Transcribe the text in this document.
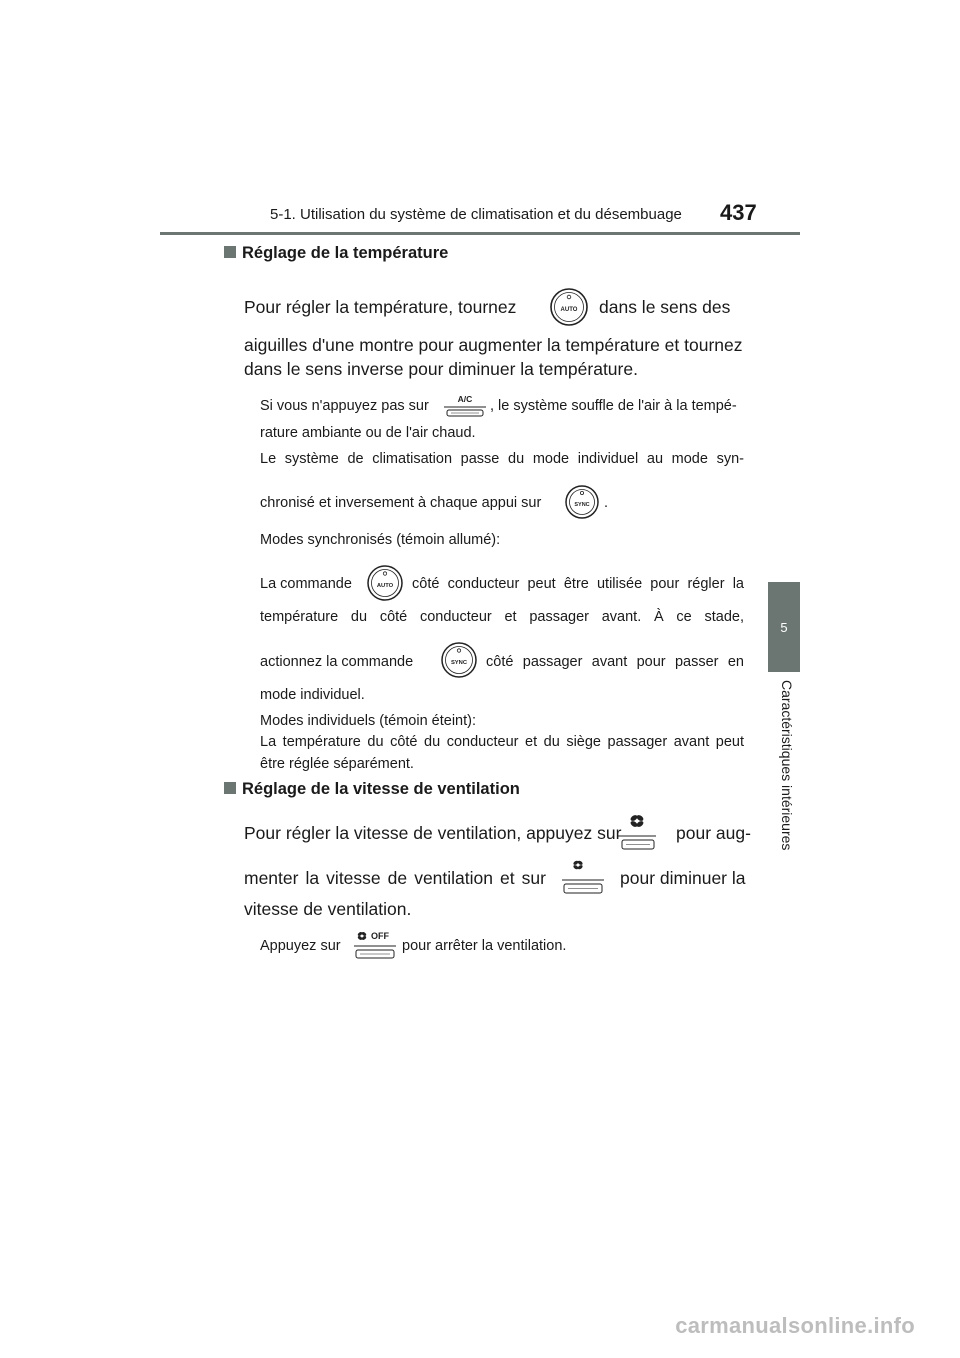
5-1. Utilisation du système de climatisation et du désembuage 437
5
Caractéristiques intérieures
Réglage de la température
Pour régler la température, tournez	AUTO dans le sens des
aiguilles d'une montre pour augmenter la température et tournez
dans le sens inverse pour diminuer la température.
Si vous n'appuyez pas sur	A/C , le système souffle de l'air à la tempé-
rature ambiante ou de l'air chaud.
Le système de climatisation passe du mode individuel au mode syn-
chronisé et inversement à chaque appui sur	SYNC .
Modes synchronisés (témoin allumé):
La commande	AUTO côté conducteur peut être utilisée pour régler la
température du côté conducteur et passager avant. À ce stade,
actionnez la commande	SYNC côté passager avant pour passer en
mode individuel.
Modes individuels (témoin éteint):
La température du côté du conducteur et du siège passager avant peut
être réglée séparément.
Réglage de la vitesse de ventilation
Pour régler la vitesse de ventilation, appuyez sur	pour aug-
menter la vitesse de ventilation et sur	pour diminuer la
vitesse de ventilation.
Appuyez sur
OFF
pour arrêter la ventilation.
carmanualsonline.info
